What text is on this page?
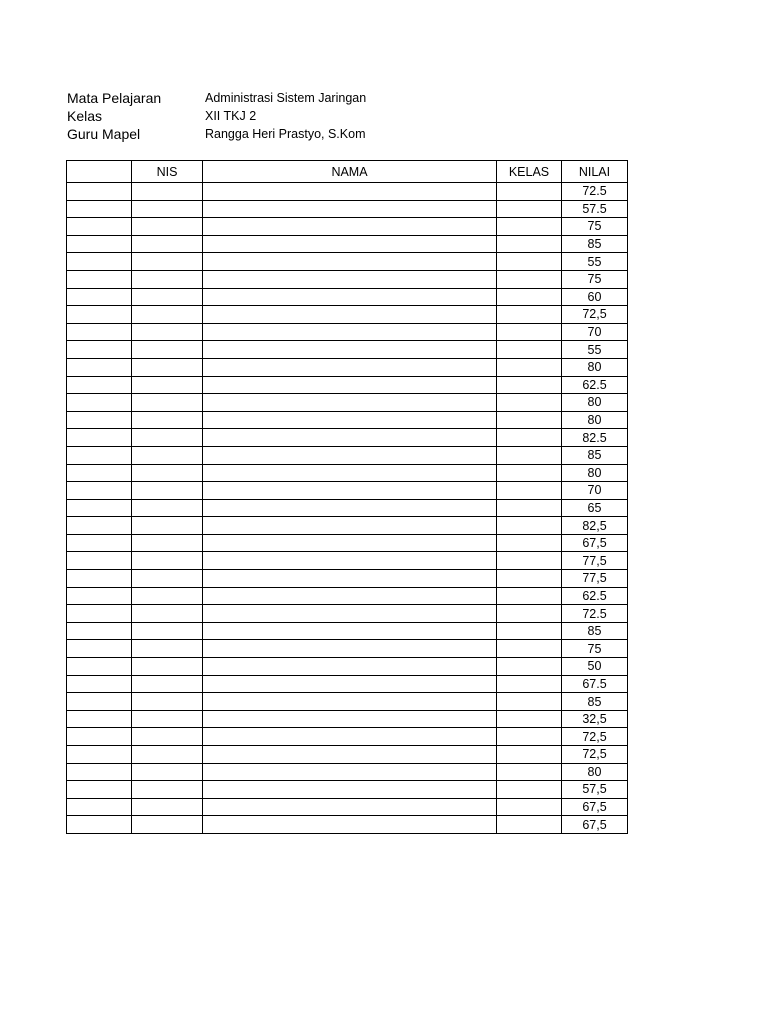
Mata Pelajaran	Administrasi Sistem Jaringan
Kelas	XII TKJ 2
Guru Mapel	Rangga Heri Prastyo, S.Kom
	NIS	NAMA	KELAS	NILAI
				72.5
				57.5
				75
				85
				55
				75
				60
				72,5
				70
				55
				80
				62.5
				80
				80
				82.5
				85
				80
				70
				65
				82,5
				67,5
				77,5
				77,5
				62.5
				72.5
				85
				75
				50
				67.5
				85
				32,5
				72,5
				72,5
				80
				57,5
				67,5
				67,5
